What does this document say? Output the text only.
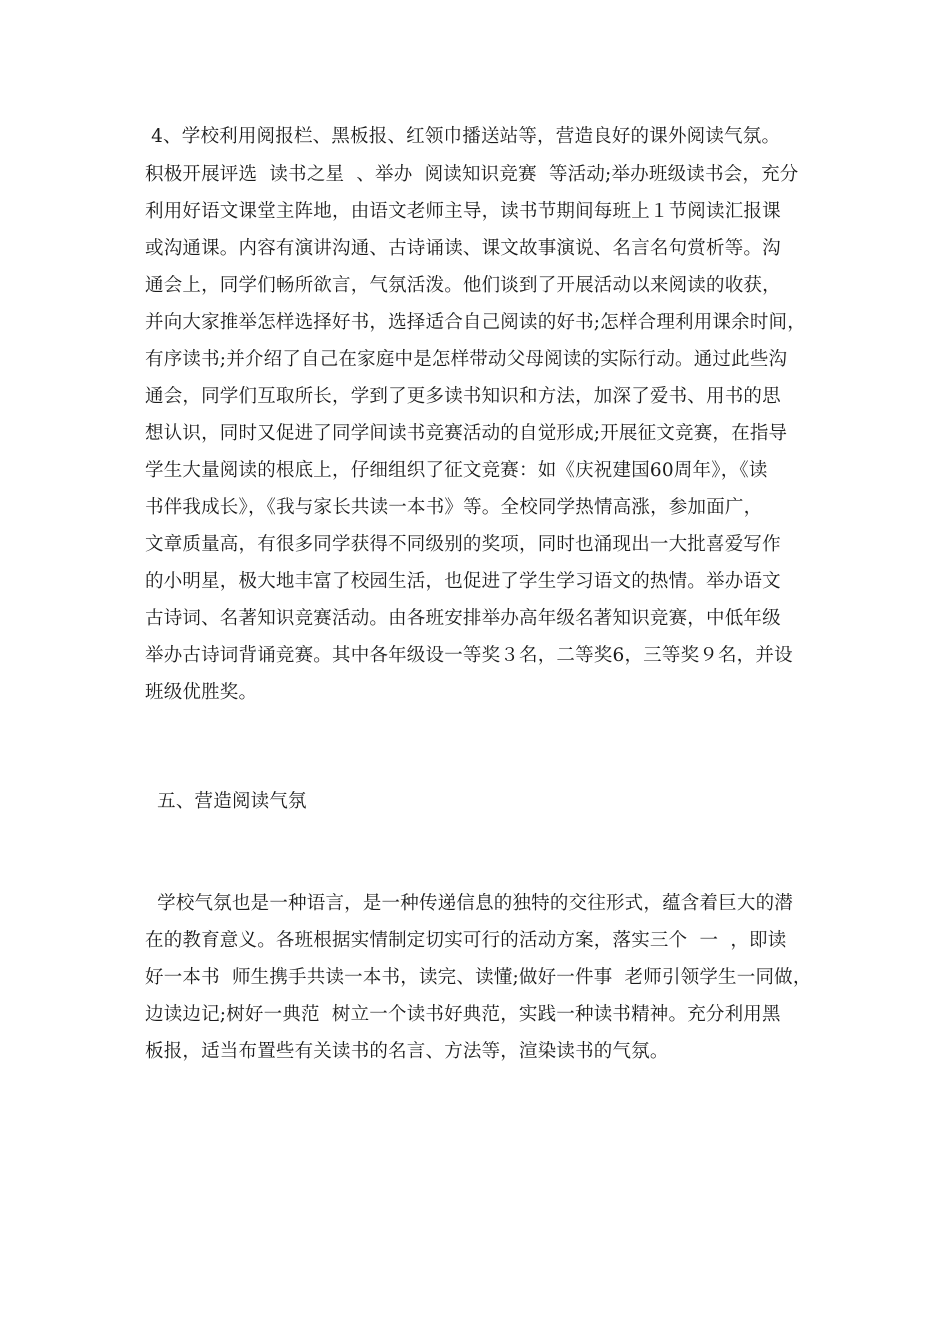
4、学校利用阅报栏、黑板报、红领巾播送站等，营造良好的课外阅读气氛。
积极开展评选  读书之星  、举办  阅读知识竞赛  等活动;举办班级读书会，充分
利用好语文课堂主阵地，由语文老师主导，读书节期间每班上１节阅读汇报课
或沟通课。内容有演讲沟通、古诗诵读、课文故事演说、名言名句赏析等。沟
通会上，同学们畅所欲言，气氛活泼。他们谈到了开展活动以来阅读的收获，
并向大家推举怎样选择好书，选择适合自己阅读的好书;怎样合理利用课余时间，
有序读书;并介绍了自己在家庭中是怎样带动父母阅读的实际行动。通过此些沟
通会，同学们互取所长，学到了更多读书知识和方法，加深了爱书、用书的思
想认识，同时又促进了同学间读书竞赛活动的自觉形成;开展征文竞赛，在指导
学生大量阅读的根底上，仔细组织了征文竞赛：如《庆祝建国60周年》，《读
书伴我成长》，《我与家长共读一本书》等。全校同学热情高涨，参加面广，
文章质量高，有很多同学获得不同级别的奖项，同时也涌现出一大批喜爱写作
的小明星，极大地丰富了校园生活，也促进了学生学习语文的热情。举办语文
古诗词、名著知识竞赛活动。由各班安排举办高年级名著知识竞赛，中低年级
举办古诗词背诵竞赛。其中各年级设一等奖３名，二等奖6，三等奖９名，并设
班级优胜奖。
五、营造阅读气氛
学校气氛也是一种语言，是一种传递信息的独特的交往形式，蕴含着巨大的潜
在的教育意义。各班根据实情制定切实可行的活动方案，落实三个  一  ，即读
好一本书  师生携手共读一本书，读完、读懂;做好一件事  老师引领学生一同做，
边读边记;树好一典范  树立一个读书好典范，实践一种读书精神。充分利用黑
板报，适当布置些有关读书的名言、方法等，渲染读书的气氛。
